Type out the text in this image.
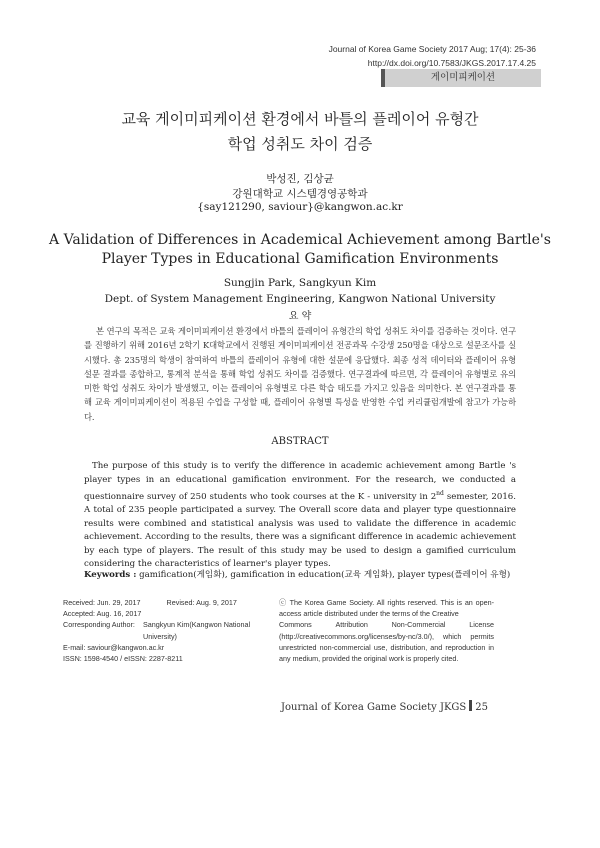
Journal of Korea Game Society 2017 Aug; 17(4): 25-36
http://dx.doi.org/10.7583/JKGS.2017.17.4.25
게이미피케이션
교육 게이미피케이션 환경에서 바틀의 플레이어 유형간
학업 성취도 차이 검증
박성진, 김상균
강원대학교 시스템경영공학과
{say121290, saviour}@kangwon.ac.kr
A Validation of Differences in Academical Achievement among Bartle's
Player Types in Educational Gamification Environments
Sungjin Park, Sangkyun Kim
Dept. of System Management Engineering, Kangwon National University
요 약
본 연구의 목적은 교육 게이미피케이션 환경에서 바틀의 플레이어 유형간의 학업 성취도 차이를 검증하는 것이다. 연구를 진행하기 위해 2016년 2학기 K대학교에서 진행된 게이미피케이션 전공과목 수강생 250명을 대상으로 설문조사를 실시했다. 총 235명의 학생이 참여하여 바틀의 플레이어 유형에 대한 설문에 응답했다. 최종 성적 데이터와 플레이어 유형 설문 결과를 종합하고, 통계적 분석을 통해 학업 성취도 차이를 검증했다. 연구결과에 따르면, 각 플레이어 유형별로 유의미한 학업 성취도 차이가 발생했고, 이는 플레이어 유형별로 다른 학습 태도를 가지고 있음을 의미한다. 본 연구결과를 통해 교육 게이미피케이션이 적용된 수업을 구성할 때, 플레이어 유형별 특성을 반영한 수업 커리큘럼개발에 참고가 가능하다.
ABSTRACT
The purpose of this study is to verify the difference in academic achievement among Bartle 's player types in an educational gamification environment. For the research, we conducted a questionnaire survey of 250 students who took courses at the K - university in 2nd semester, 2016. A total of 235 people participated a survey. The Overall score data and player type questionnaire results were combined and statistical analysis was used to validate the difference in academic achievement. According to the results, there was a significant difference in academic achievement by each type of players. The result of this study may be used to design a gamified curriculum considering the characteristics of learner's player types.
Keywords : gamification(게임화), gamification in education(교육 게임화), player types(플레이어 유형)
Received: Jun. 29, 2017	Revised: Aug. 9, 2017
Accepted: Aug. 16, 2017
Corresponding Author:	Sangkyun Kim(Kangwon National University)
E-mail: saviour@kangwon.ac.kr
ISSN: 1598-4540 / eISSN: 2287-8211
ⓒ The Korea Game Society. All rights reserved. This is an open-access article distributed under the terms of the Creative
Commons	Attribution	Non-Commercial	License
(http://creativecommons.org/licenses/by-nc/3.0/), which permits unrestricted non-commercial use, distribution, and reproduction in any medium, provided the original work is properly cited.
Journal of Korea Game Society JKGS 25
